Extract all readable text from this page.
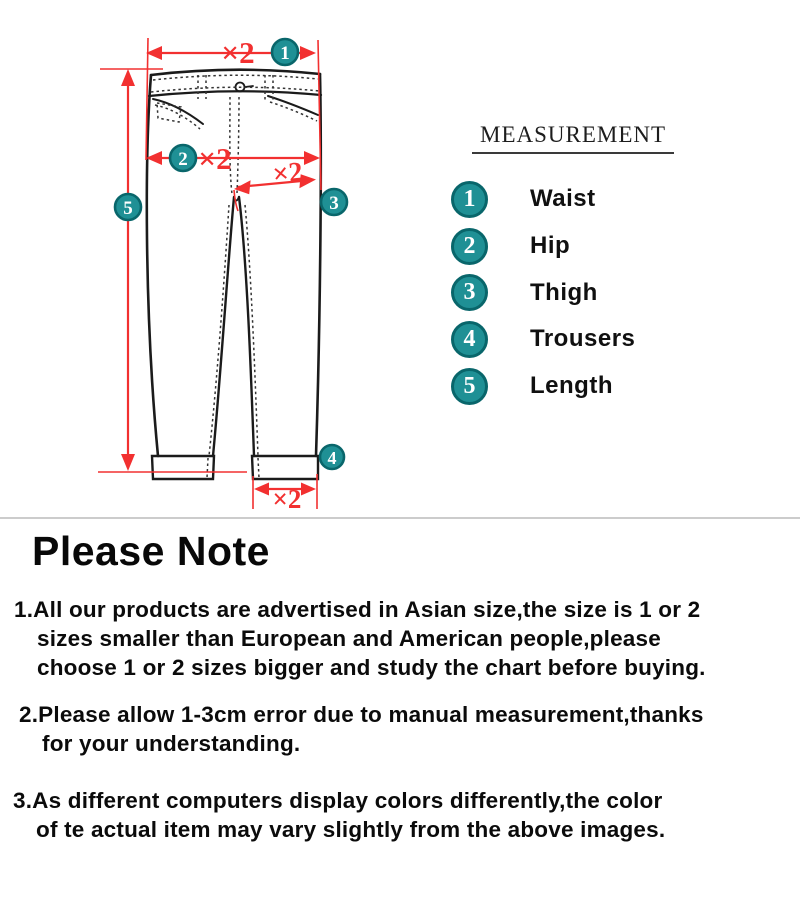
×2
×2 ×2
×2
1
2
3
4
5
MEASUREMENT
1	Waist
2	Hip
3	Thigh
4	Trousers
5	Length
Please Note
1.All our products are advertised in Asian size,the size is 1 or 2
sizes smaller than European and American people,please
choose 1 or 2 sizes bigger and study the chart before buying.
2.Please allow 1-3cm error due to manual measurement,thanks
for your understanding.
3.As different computers display colors differently,the color
of te actual item may vary slightly from the above images.
